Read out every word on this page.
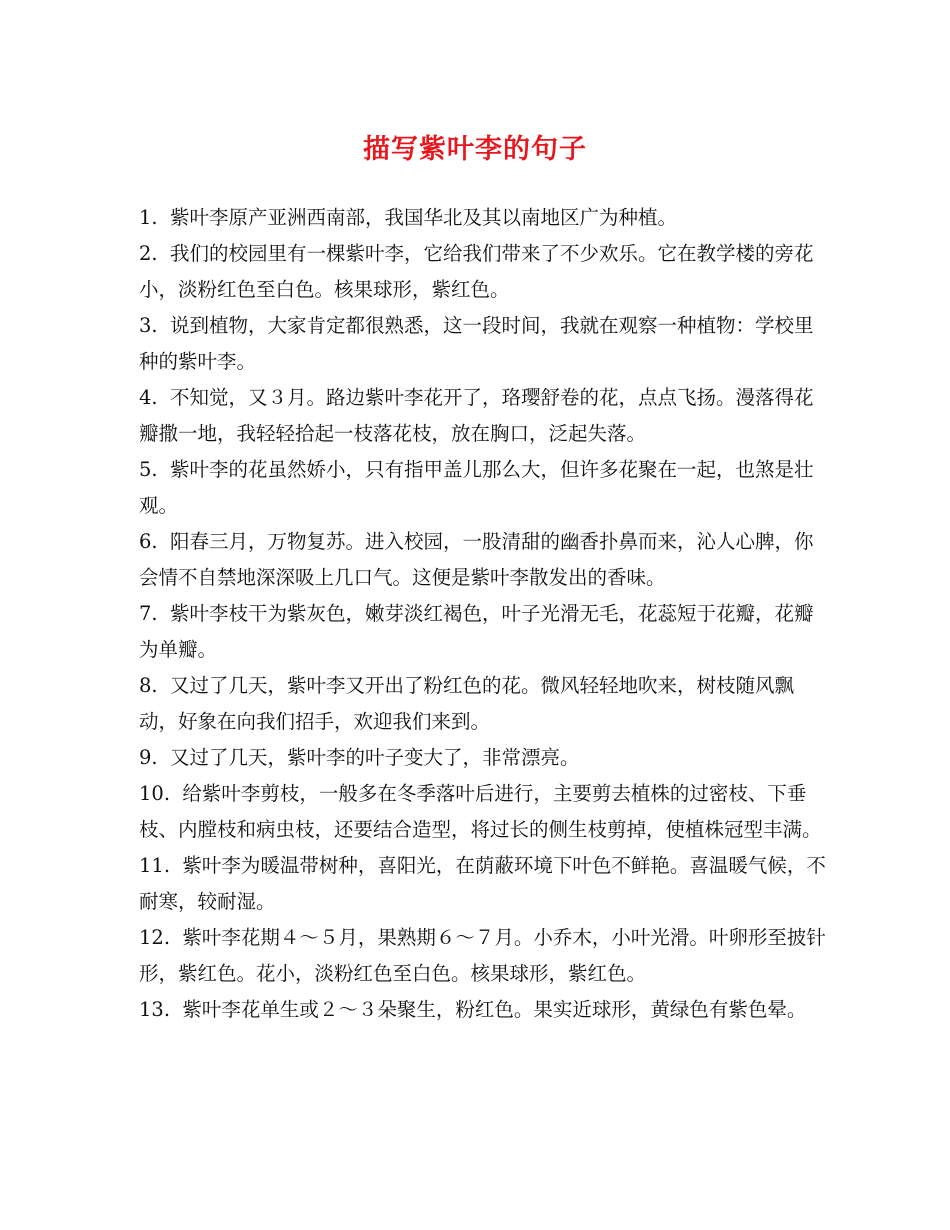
描写紫叶李的句子

1. 紫叶李原产亚洲西南部，我国华北及其以南地区广为种植。

2. 我们的校园里有一棵紫叶李，它给我们带来了不少欢乐。它在教学楼的旁花小，淡粉红色至白色。核果球形，紫红色。

3. 说到植物，大家肯定都很熟悉，这一段时间，我就在观察一种植物：学校里种的紫叶李。

4. 不知觉，又３月。路边紫叶李花开了，珞璎舒卷的花，点点飞扬。漫落得花瓣撒一地，我轻轻拾起一枝落花枝，放在胸口，泛起失落。

5. 紫叶李的花虽然娇小，只有指甲盖儿那么大，但许多花聚在一起，也煞是壮观。

6. 阳春三月，万物复苏。进入校园，一股清甜的幽香扑鼻而来，沁人心脾，你会情不自禁地深深吸上几口气。这便是紫叶李散发出的香味。

7. 紫叶李枝干为紫灰色，嫩芽淡红褐色，叶子光滑无毛，花蕊短于花瓣，花瓣为单瓣。

8. 又过了几天，紫叶李又开出了粉红色的花。微风轻轻地吹来，树枝随风飘动，好象在向我们招手，欢迎我们来到。

9. 又过了几天，紫叶李的叶子变大了，非常漂亮。

10. 给紫叶李剪枝，一般多在冬季落叶后进行，主要剪去植株的过密枝、下垂枝、内膛枝和病虫枝，还要结合造型，将过长的侧生枝剪掉，使植株冠型丰满。

11. 紫叶李为暖温带树种，喜阳光，在荫蔽环境下叶色不鲜艳。喜温暖气候，不耐寒，较耐湿。

12. 紫叶李花期４～５月，果熟期６～７月。小乔木，小叶光滑。叶卵形至披针形，紫红色。花小，淡粉红色至白色。核果球形，紫红色。

13. 紫叶李花单生或２～３朵聚生，粉红色。果实近球形，黄绿色有紫色晕。
